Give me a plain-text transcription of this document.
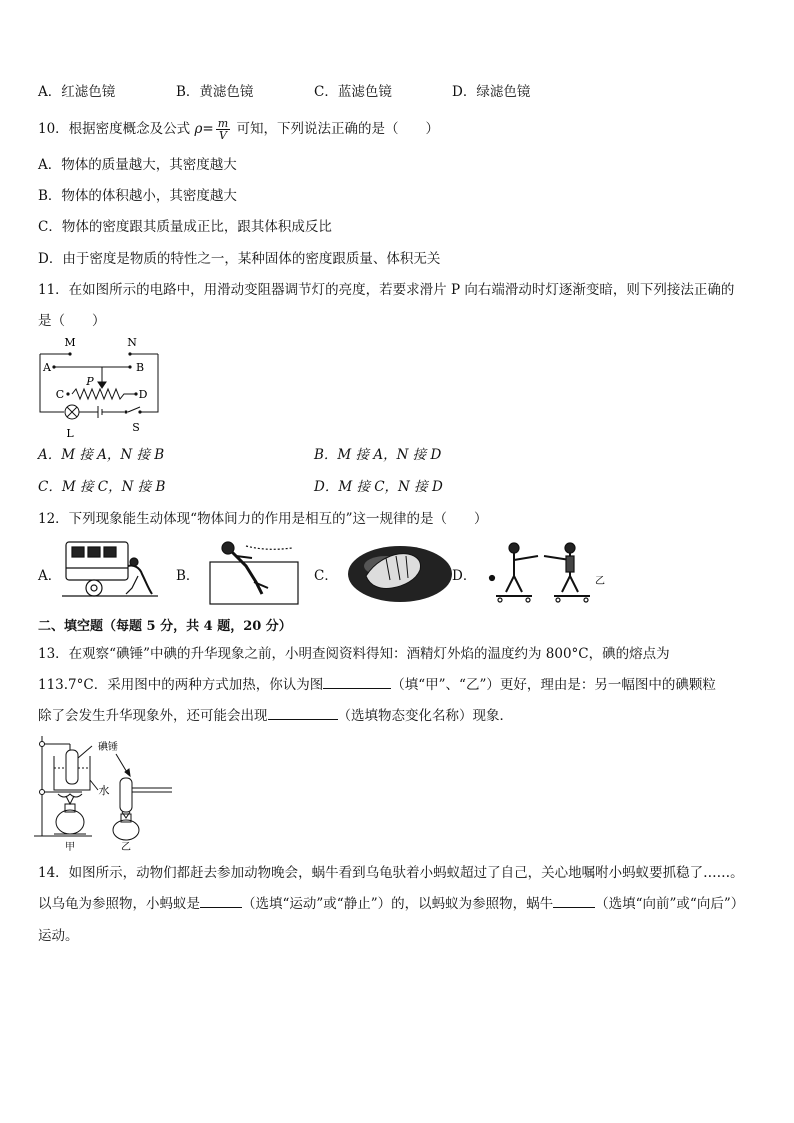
A．红滤色镜	B．黄滤色镜	C．蓝滤色镜	D．绿滤色镜
10．根据密度概念及公式 $\rho= \frac{m}{V}$ 可知，下列说法正确的是（　　）
A．物体的质量越大，其密度越大
B．物体的体积越小，其密度越大
C．物体的密度跟其质量成正比，跟其体积成反比
D．由于密度是物质的特性之一，某种固体的密度跟质量、体积无关
11．在如图所示的电路中，用滑动变阻器调节灯的亮度，若要求滑片 P 向右端滑动时灯逐渐变暗，则下列接法正确的
是（　　）
M	N
A	B
C	D
P
L	S
A．M 接 A，N 接 B	B．M 接 A，N 接 D
C．M 接 C，N 接 B	D．M 接 C，N 接 D
12．下列现象能生动体现“物体间力的作用是相互的”这一规律的是（　　）
A．	B．	C．	D．	乙
二、填空题（每题 5 分，共 4 题，20 分）
13．在观察“碘锤”中碘的升华现象之前，小明查阅资料得知：酒精灯外焰的温度约为 800°C，碘的熔点为
113.7°C．采用图中的两种方式加热，你认为图	（填“甲”、“乙”）更好，理由是：另一幅图中的碘颗粒
除了会发生升华现象外，还可能会出现	（选填物态变化名称）现象．
碘锤
水
甲	乙
14．如图所示，动物们都赶去参加动物晚会，蜗牛看到乌龟驮着小蚂蚁超过了自己，关心地嘱咐小蚂蚁要抓稳了……。
以乌龟为参照物，小蚂蚁是	（选填“运动”或“静止”）的，以蚂蚁为参照物，蜗牛	（选填“向前”或“向后”）
运动。
